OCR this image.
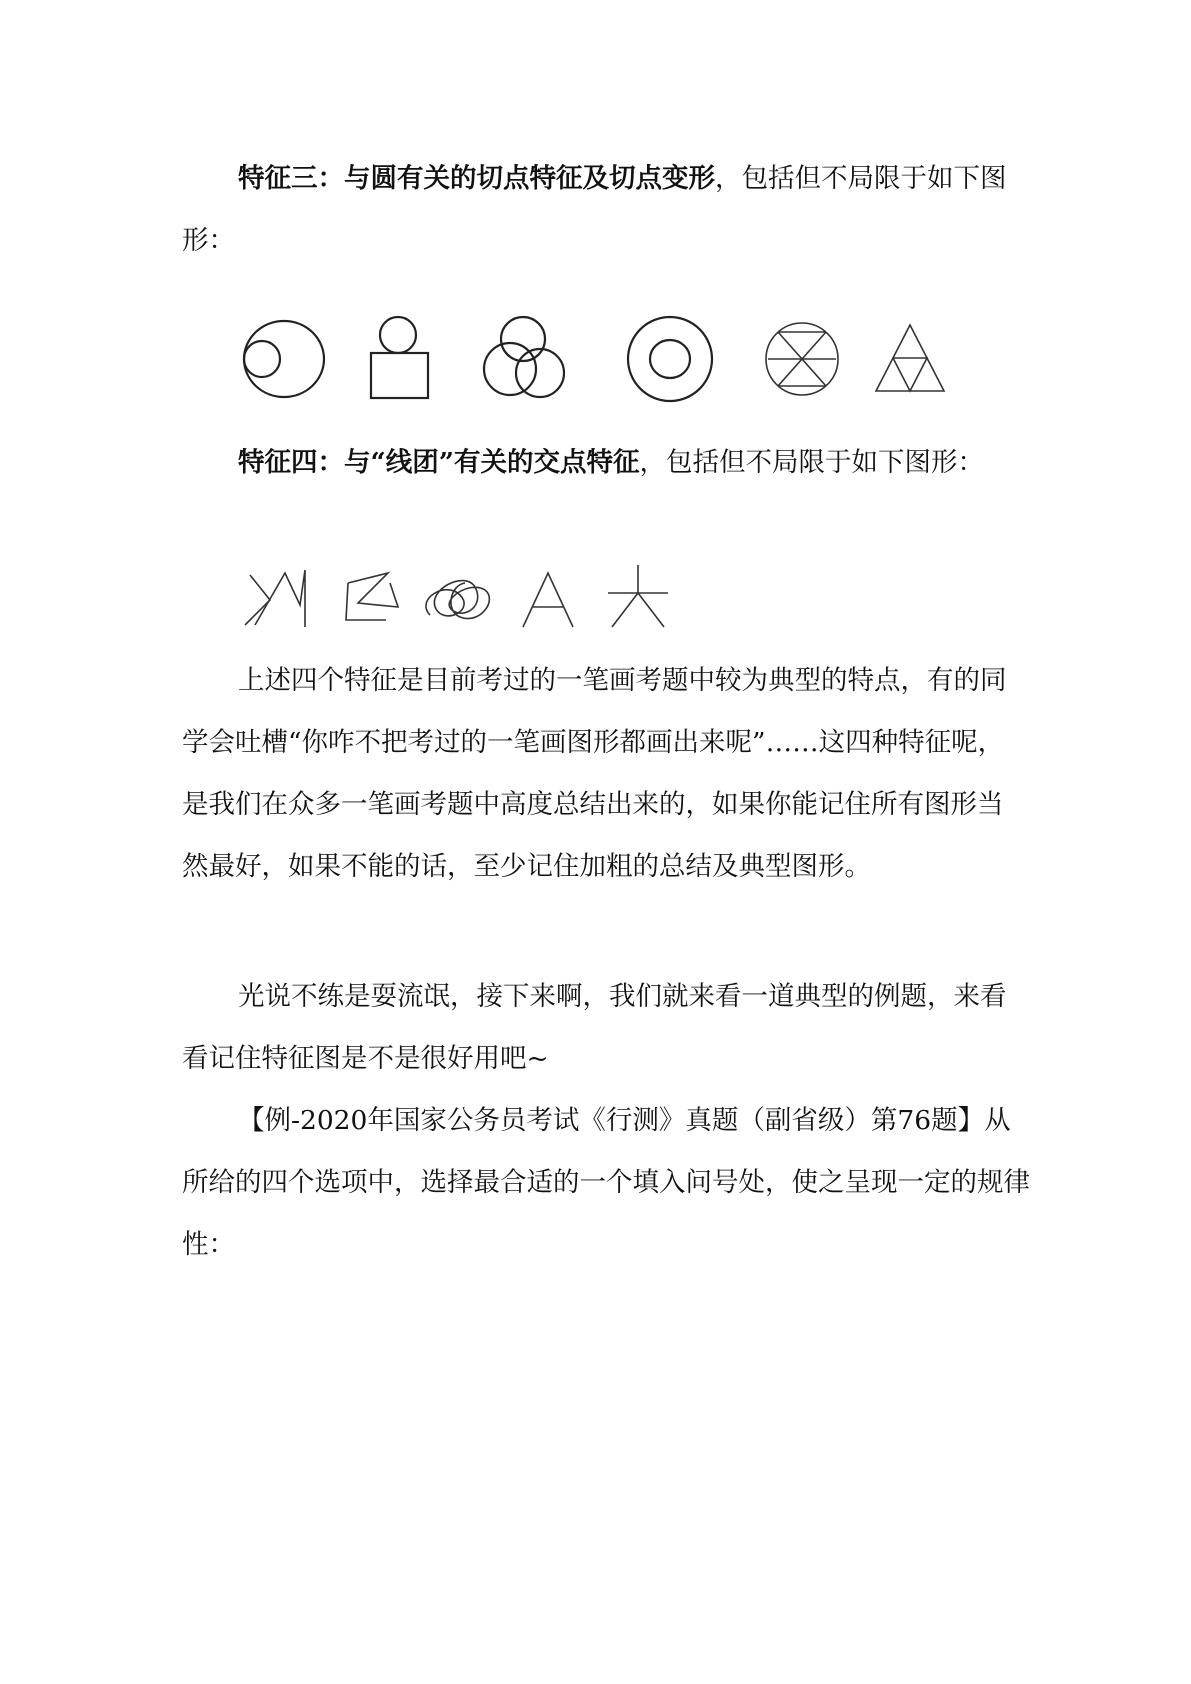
特征三：与圆有关的切点特征及切点变形，包括但不局限于如下图形：

特征四：与“线团”有关的交点特征，包括但不局限于如下图形：

上述四个特征是目前考过的一笔画考题中较为典型的特点，有的同学会吐槽“你咋不把考过的一笔画图形都画出来呢”……这四种特征呢，是我们在众多一笔画考题中高度总结出来的，如果你能记住所有图形当然最好，如果不能的话，至少记住加粗的总结及典型图形。

光说不练是耍流氓，接下来啊，我们就来看一道典型的例题，来看看记住特征图是不是很好用吧~

【例-2020年国家公务员考试《行测》真题（副省级）第76题】从所给的四个选项中，选择最合适的一个填入问号处，使之呈现一定的规律性：
